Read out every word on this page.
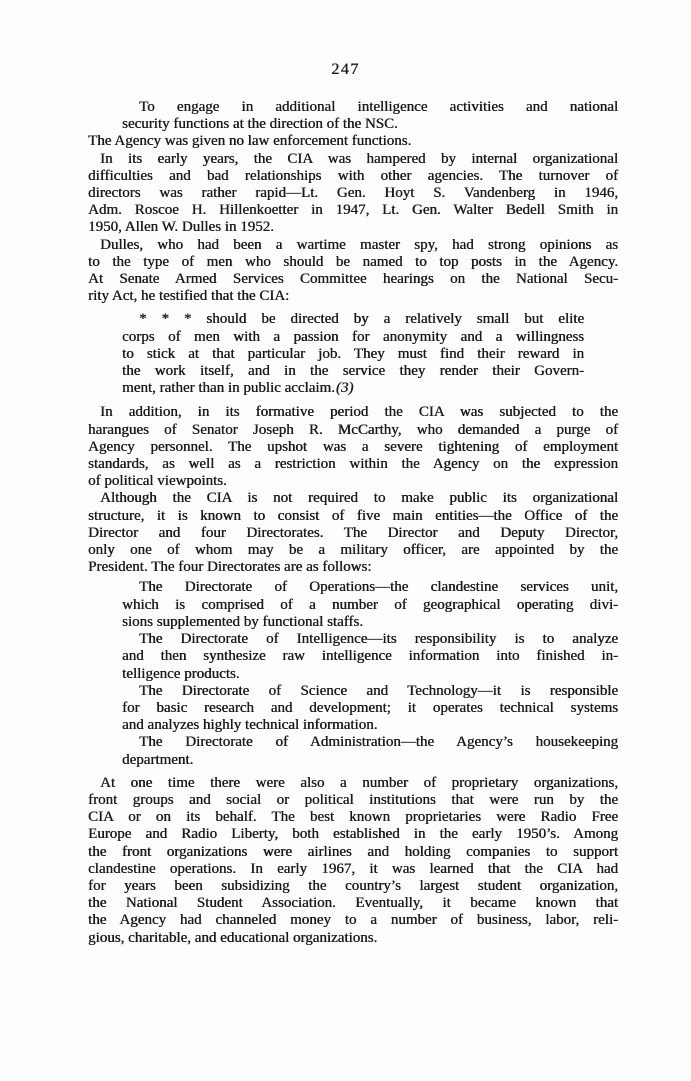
247
To engage in additional intelligence activities and national
security functions at the direction of the NSC.
The Agency was given no law enforcement functions.
In its early years, the CIA was hampered by internal organizational
difficulties and bad relationships with other agencies. The turnover of
directors was rather rapid—Lt. Gen. Hoyt S. Vandenberg in 1946,
Adm. Roscoe H. Hillenkoetter in 1947, Lt. Gen. Walter Bedell Smith in
1950, Allen W. Dulles in 1952.
Dulles, who had been a wartime master spy, had strong opinions as
to the type of men who should be named to top posts in the Agency.
At Senate Armed Services Committee hearings on the National Secu-
rity Act, he testified that the CIA:
* * * should be directed by a relatively small but elite
corps of men with a passion for anonymity and a willingness
to stick at that particular job. They must find their reward in
the work itself, and in the service they render their Govern-
ment, rather than in public acclaim.(3)
In addition, in its formative period the CIA was subjected to the
harangues of Senator Joseph R. McCarthy, who demanded a purge of
Agency personnel. The upshot was a severe tightening of employment
standards, as well as a restriction within the Agency on the expression
of political viewpoints.
Although the CIA is not required to make public its organizational
structure, it is known to consist of five main entities—the Office of the
Director and four Directorates. The Director and Deputy Director,
only one of whom may be a military officer, are appointed by the
President. The four Directorates are as follows:
The Directorate of Operations—the clandestine services unit,
which is comprised of a number of geographical operating divi-
sions supplemented by functional staffs.
The Directorate of Intelligence—its responsibility is to analyze
and then synthesize raw intelligence information into finished in-
telligence products.
The Directorate of Science and Technology—it is responsible
for basic research and development; it operates technical systems
and analyzes highly technical information.
The Directorate of Administration—the Agency’s housekeeping
department.
At one time there were also a number of proprietary organizations,
front groups and social or political institutions that were run by the
CIA or on its behalf. The best known proprietaries were Radio Free
Europe and Radio Liberty, both established in the early 1950’s. Among
the front organizations were airlines and holding companies to support
clandestine operations. In early 1967, it was learned that the CIA had
for years been subsidizing the country’s largest student organization,
the National Student Association. Eventually, it became known that
the Agency had channeled money to a number of business, labor, reli-
gious, charitable, and educational organizations.
